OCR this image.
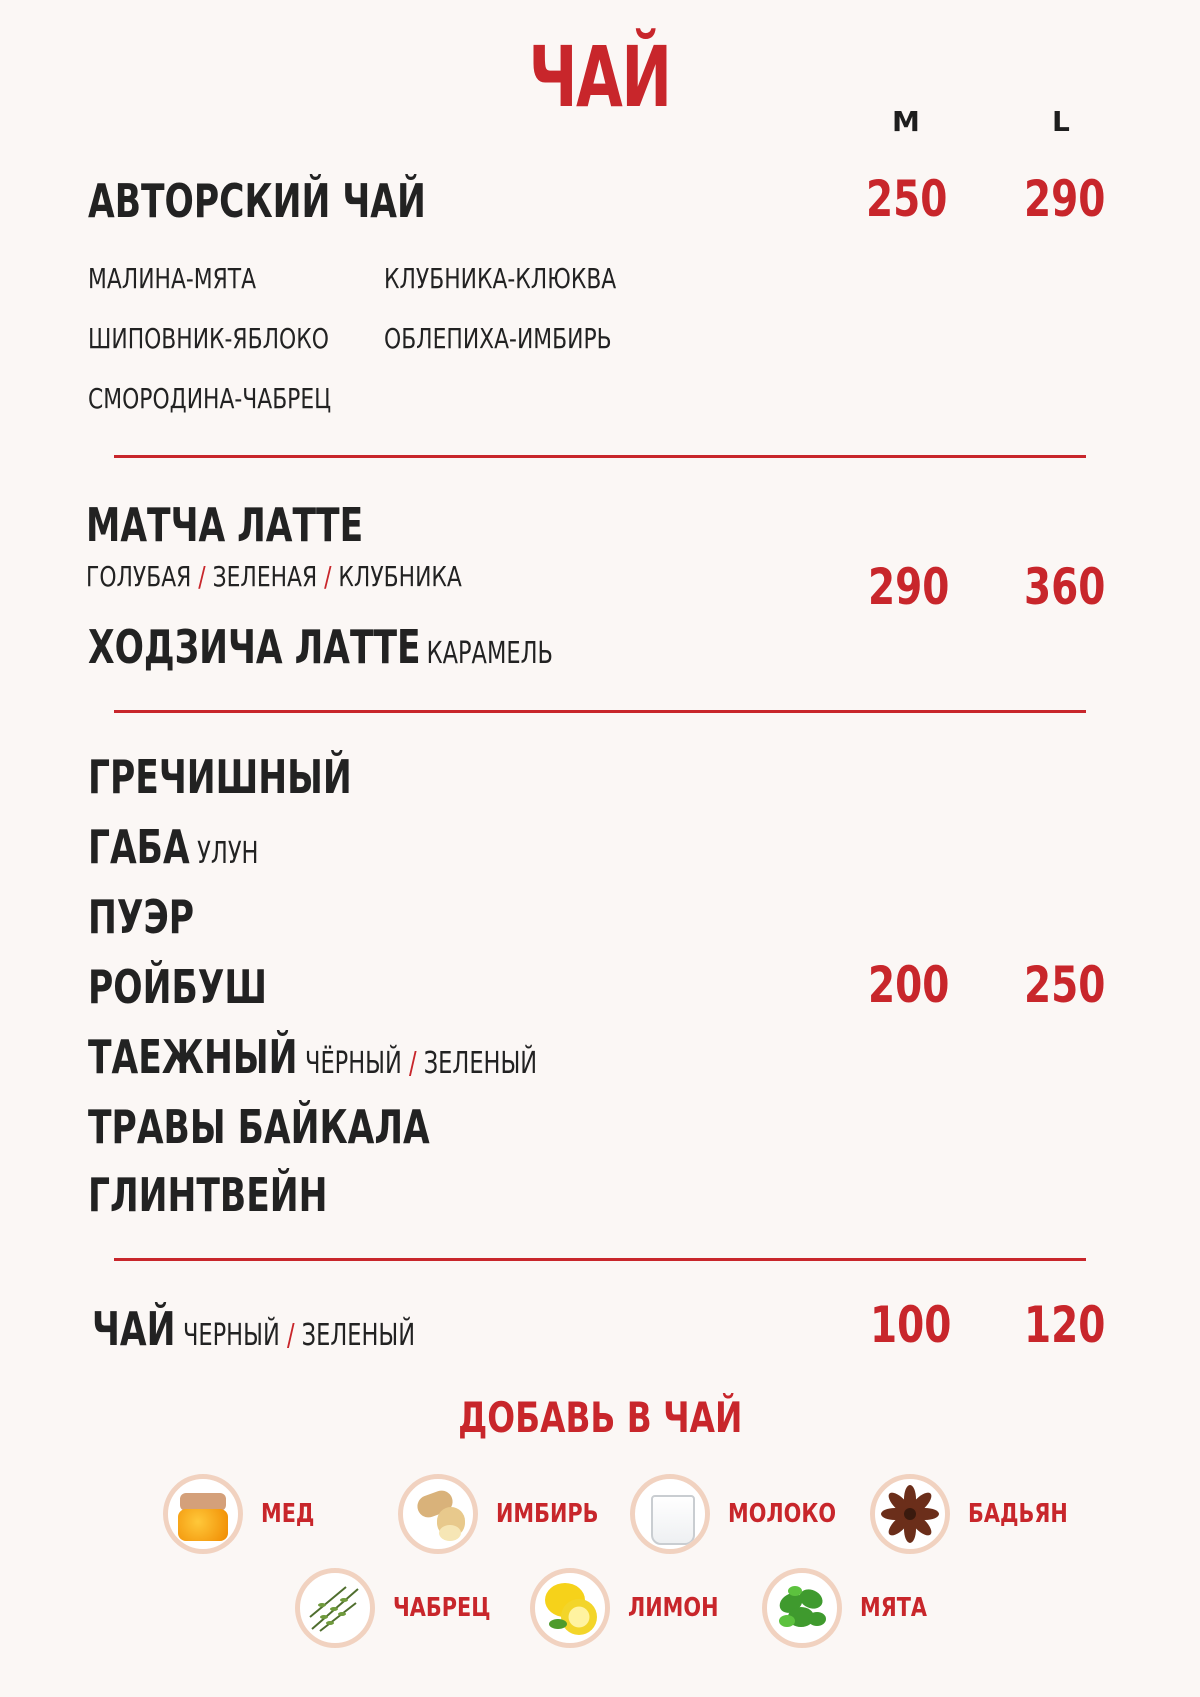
ЧАЙ	M	L
АВТОРСКИЙ ЧАЙ	250	290
МАЛИНА-МЯТА	КЛУБНИКА-КЛЮКВА
ШИПОВНИК-ЯБЛОКО	ОБЛЕПИХА-ИМБИРЬ
СМОРОДИНА-ЧАБРЕЦ
МАТЧА ЛАТТЕ
ГОЛУБАЯ / ЗЕЛЕНАЯ / КЛУБНИКА
ХОДЗИЧА ЛАТТЕ КАРАМЕЛЬ
290	360
ГРЕЧИШНЫЙ
ГАБА УЛУН
ПУЭР
РОЙБУШ
ТАЕЖНЫЙ ЧЁРНЫЙ / ЗЕЛЕНЫЙ
ТРАВЫ БАЙКАЛА
ГЛИНТВЕЙН
200	250
ЧАЙ ЧЕРНЫЙ / ЗЕЛЕНЫЙ	100	120
ДОБАВЬ В ЧАЙ
МЕД	ИМБИРЬ	МОЛОКО	БАДЬЯН
ЧАБРЕЦ	ЛИМОН	МЯТА
